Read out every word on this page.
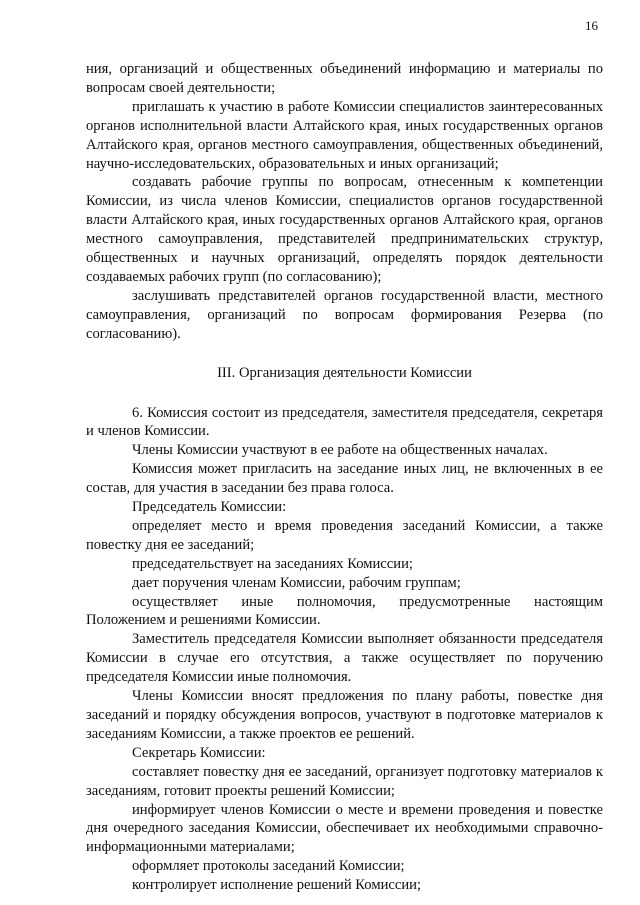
16

ния, организаций и общественных объединений информацию и материалы по вопросам своей деятельности;

приглашать к участию в работе Комиссии специалистов заинтересованных органов исполнительной власти Алтайского края, иных государственных органов Алтайского края, органов местного самоуправления, общественных объединений, научно-исследовательских, образовательных и иных организаций;

создавать рабочие группы по вопросам, отнесенным к компетенции Комиссии, из числа членов Комиссии, специалистов органов государственной власти Алтайского края, иных государственных органов Алтайского края, органов местного самоуправления, представителей предпринимательских структур, общественных и научных организаций, определять порядок деятельности создаваемых рабочих групп (по согласованию);

заслушивать представителей органов государственной власти, местного самоуправления, организаций по вопросам формирования Резерва (по согласованию).

III. Организация деятельности Комиссии

6. Комиссия состоит из председателя, заместителя председателя, секретаря и членов Комиссии.

Члены Комиссии участвуют в ее работе на общественных началах.

Комиссия может пригласить на заседание иных лиц, не включенных в ее состав, для участия в заседании без права голоса.

Председатель Комиссии:

определяет место и время проведения заседаний Комиссии, а также повестку дня ее заседаний;

председательствует на заседаниях Комиссии;

дает поручения членам Комиссии, рабочим группам;

осуществляет иные полномочия, предусмотренные настоящим Положением и решениями Комиссии.

Заместитель председателя Комиссии выполняет обязанности председателя Комиссии в случае его отсутствия, а также осуществляет по поручению председателя Комиссии иные полномочия.

Члены Комиссии вносят предложения по плану работы, повестке дня заседаний и порядку обсуждения вопросов, участвуют в подготовке материалов к заседаниям Комиссии, а также проектов ее решений.

Секретарь Комиссии:

составляет повестку дня ее заседаний, организует подготовку материалов к заседаниям, готовит проекты решений Комиссии;

информирует членов Комиссии о месте и времени проведения и повестке дня очередного заседания Комиссии, обеспечивает их необходимыми справочно-информационными материалами;

оформляет протоколы заседаний Комиссии;

контролирует исполнение решений Комиссии;
